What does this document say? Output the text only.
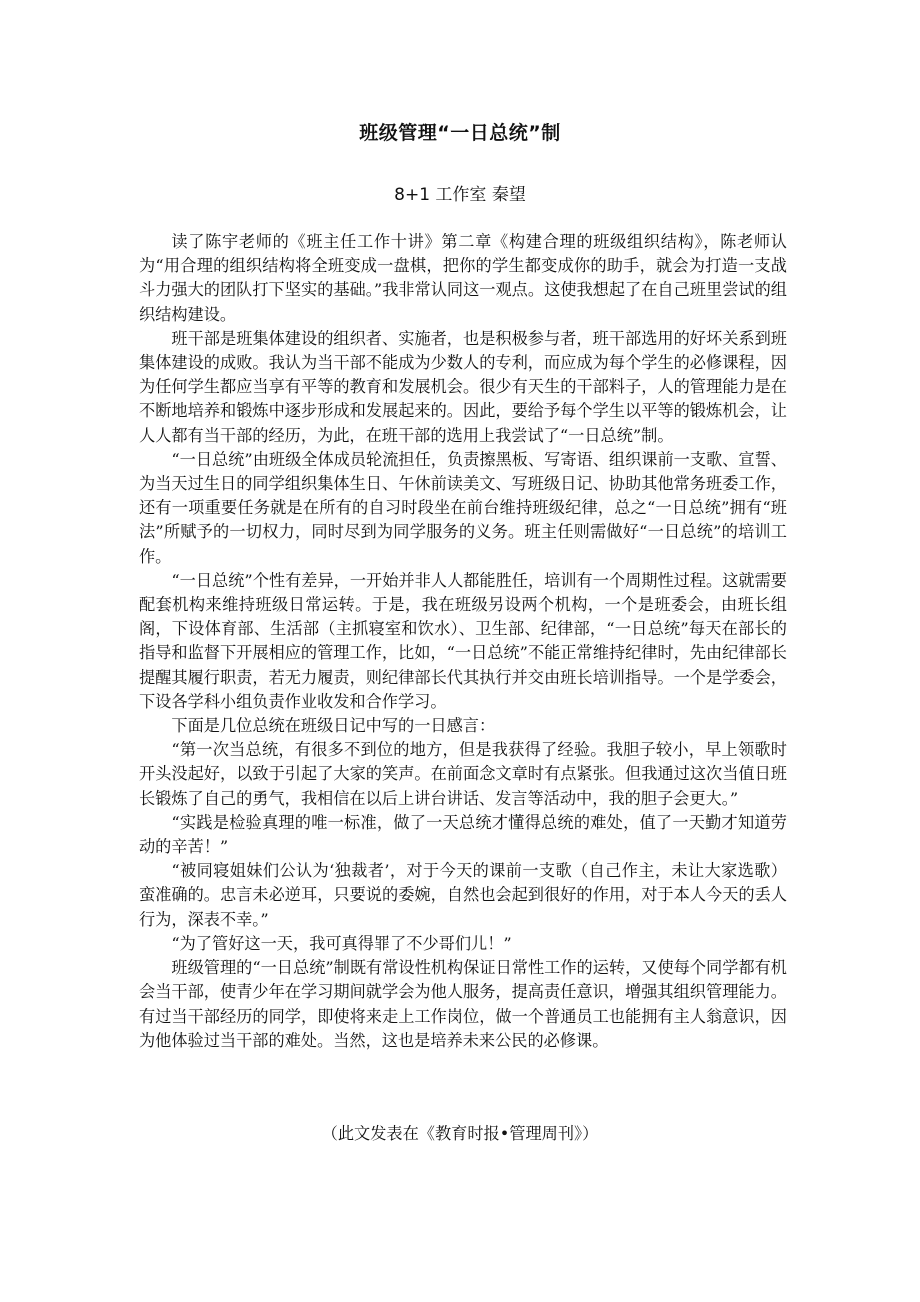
班级管理“一日总统”制
8+1 工作室 秦望

读了陈宇老师的《班主任工作十讲》第二章《构建合理的班级组织结构》，陈老师认为“用合理的组织结构将全班变成一盘棋，把你的学生都变成你的助手，就会为打造一支战斗力强大的团队打下坚实的基础。”我非常认同这一观点。这使我想起了在自己班里尝试的组织结构建设。

班干部是班集体建设的组织者、实施者，也是积极参与者，班干部选用的好坏关系到班集体建设的成败。我认为当干部不能成为少数人的专利，而应成为每个学生的必修课程，因为任何学生都应当享有平等的教育和发展机会。很少有天生的干部料子，人的管理能力是在不断地培养和锻炼中逐步形成和发展起来的。因此，要给予每个学生以平等的锻炼机会，让人人都有当干部的经历，为此，在班干部的选用上我尝试了“一日总统”制。

“一日总统”由班级全体成员轮流担任，负责擦黑板、写寄语、组织课前一支歌、宣誓、为当天过生日的同学组织集体生日、午休前读美文、写班级日记、协助其他常务班委工作，还有一项重要任务就是在所有的自习时段坐在前台维持班级纪律，总之“一日总统”拥有“班法”所赋予的一切权力，同时尽到为同学服务的义务。班主任则需做好“一日总统”的培训工作。

“一日总统”个性有差异，一开始并非人人都能胜任，培训有一个周期性过程。这就需要配套机构来维持班级日常运转。于是，我在班级另设两个机构，一个是班委会，由班长组阁，下设体育部、生活部（主抓寝室和饮水）、卫生部、纪律部，“一日总统”每天在部长的指导和监督下开展相应的管理工作，比如，“一日总统”不能正常维持纪律时，先由纪律部长提醒其履行职责，若无力履责，则纪律部长代其执行并交由班长培训指导。一个是学委会，下设各学科小组负责作业收发和合作学习。

下面是几位总统在班级日记中写的一日感言：

“第一次当总统，有很多不到位的地方，但是我获得了经验。我胆子较小，早上领歌时开头没起好，以致于引起了大家的笑声。在前面念文章时有点紧张。但我通过这次当值日班长锻炼了自己的勇气，我相信在以后上讲台讲话、发言等活动中，我的胆子会更大。”

“实践是检验真理的唯一标准，做了一天总统才懂得总统的难处，值了一天勤才知道劳动的辛苦！”

“被同寝姐妹们公认为‘独裁者’，对于今天的课前一支歌（自己作主，未让大家选歌）蛮准确的。忠言未必逆耳，只要说的委婉，自然也会起到很好的作用，对于本人今天的丢人行为，深表不幸。”

“为了管好这一天，我可真得罪了不少哥们儿！”

班级管理的“一日总统”制既有常设性机构保证日常性工作的运转，又使每个同学都有机会当干部，使青少年在学习期间就学会为他人服务，提高责任意识，增强其组织管理能力。有过当干部经历的同学，即使将来走上工作岗位，做一个普通员工也能拥有主人翁意识，因为他体验过当干部的难处。当然，这也是培养未来公民的必修课。

（此文发表在《教育时报•管理周刊》）
